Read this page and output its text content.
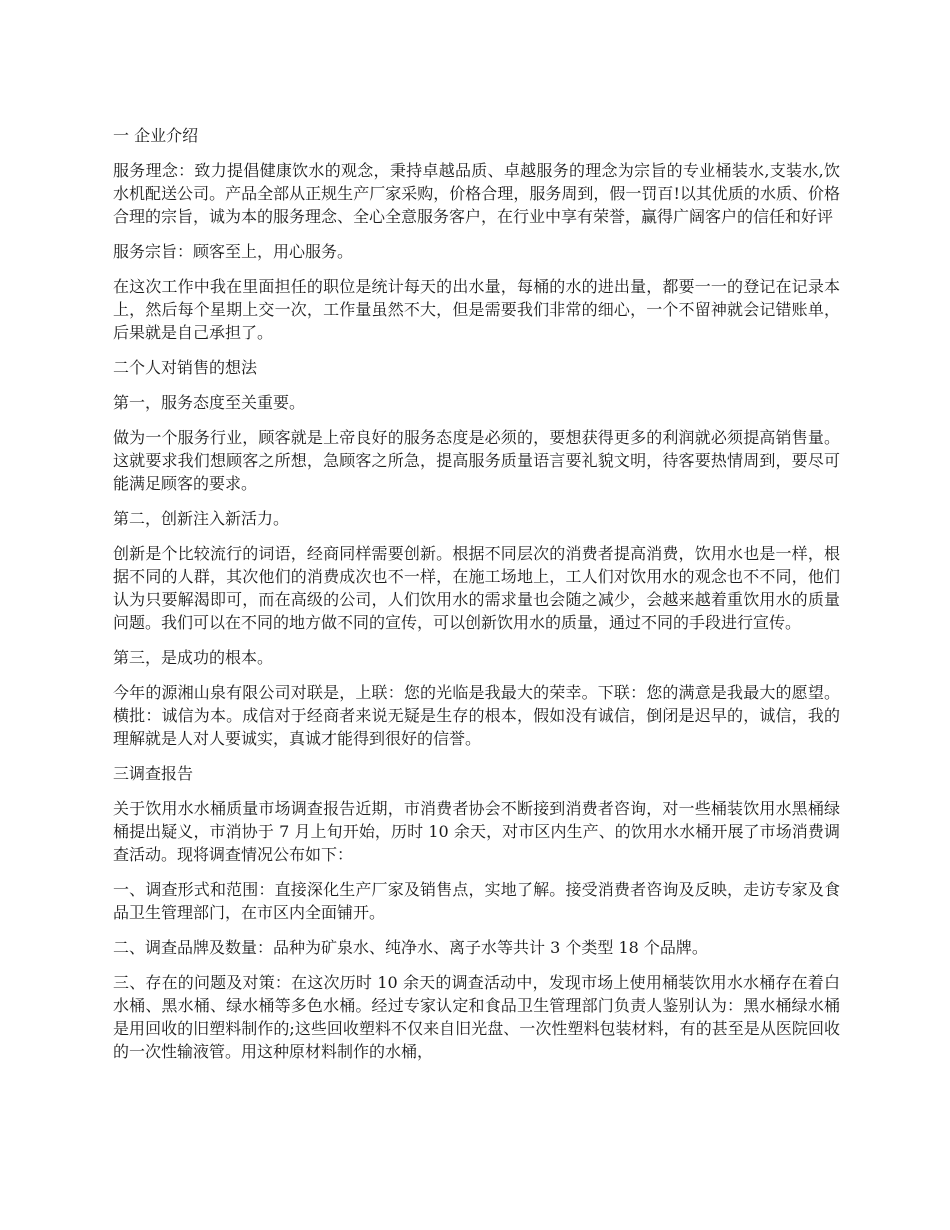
一 企业介绍

服务理念：致力提倡健康饮水的观念，秉持卓越品质、卓越服务的理念为宗旨的专业桶装水,支装水,饮水机配送公司。产品全部从正规生产厂家采购，价格合理，服务周到，假一罚百!以其优质的水质、价格合理的宗旨，诚为本的服务理念、全心全意服务客户，在行业中享有荣誉，赢得广阔客户的信任和好评

服务宗旨：顾客至上，用心服务。

在这次工作中我在里面担任的职位是统计每天的出水量，每桶的水的进出量，都要一一的登记在记录本上，然后每个星期上交一次，工作量虽然不大，但是需要我们非常的细心，一个不留神就会记错账单，后果就是自己承担了。

二个人对销售的想法

第一，服务态度至关重要。

做为一个服务行业，顾客就是上帝良好的服务态度是必须的，要想获得更多的利润就必须提高销售量。这就要求我们想顾客之所想，急顾客之所急，提高服务质量语言要礼貌文明，待客要热情周到，要尽可能满足顾客的要求。

第二，创新注入新活力。

创新是个比较流行的词语，经商同样需要创新。根据不同层次的消费者提高消费，饮用水也是一样，根据不同的人群，其次他们的消费成次也不一样，在施工场地上，工人们对饮用水的观念也不不同，他们认为只要解渴即可，而在高级的公司，人们饮用水的需求量也会随之减少，会越来越着重饮用水的质量问题。我们可以在不同的地方做不同的宣传，可以创新饮用水的质量，通过不同的手段进行宣传。

第三，是成功的根本。

今年的源湘山泉有限公司对联是，上联：您的光临是我最大的荣幸。下联：您的满意是我最大的愿望。横批：诚信为本。成信对于经商者来说无疑是生存的根本，假如没有诚信，倒闭是迟早的，诚信，我的理解就是人对人要诚实，真诚才能得到很好的信誉。

三调查报告

关于饮用水水桶质量市场调查报告近期，市消费者协会不断接到消费者咨询，对一些桶装饮用水黑桶绿桶提出疑义，市消协于 7 月上旬开始，历时 10 余天，对市区内生产、的饮用水水桶开展了市场消费调查活动。现将调查情况公布如下：

一、调查形式和范围：直接深化生产厂家及销售点，实地了解。接受消费者咨询及反映，走访专家及食品卫生管理部门，在市区内全面铺开。

二、调查品牌及数量：品种为矿泉水、纯净水、离子水等共计 3 个类型 18 个品牌。

三、存在的问题及对策：在这次历时 10 余天的调查活动中，发现市场上使用桶装饮用水水桶存在着白水桶、黑水桶、绿水桶等多色水桶。经过专家认定和食品卫生管理部门负责人鉴别认为：黑水桶绿水桶是用回收的旧塑料制作的;这些回收塑料不仅来自旧光盘、一次性塑料包装材料，有的甚至是从医院回收的一次性输液管。用这种原材料制作的水桶，
